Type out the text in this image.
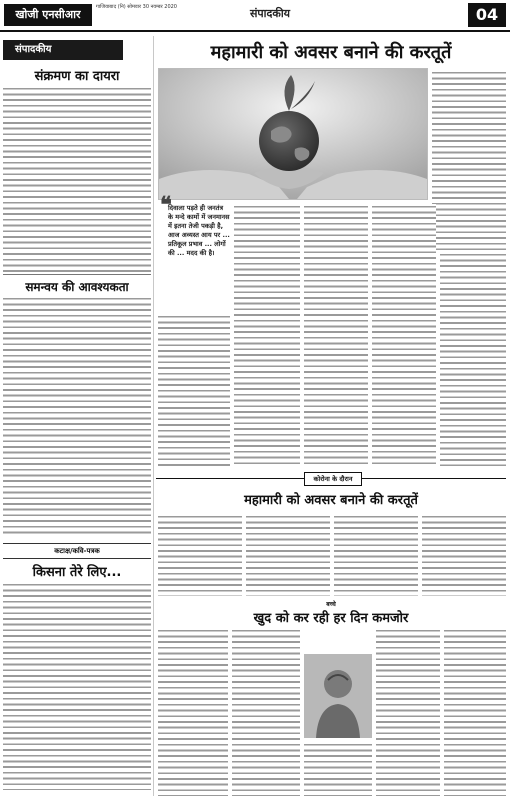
खोजी एनसीआर
गाजियाबाद (नि) सोमवार 30 नवम्बर 2020	संपादकीय	04
संपादकीय
संक्रमण का दायरा
समन्वय की आवश्यकता
कटाक्ष/कवि-पत्रक
किसना तेरे लिए...
महामारी को अवसर बनाने की करतूतें
❝
दिवाला पड़ते ही जनतंत्र के मन्दे कामों में जनमानस में इतना तेजी पकड़ी है, आज अव्यस्त आय पर ... प्रतिकूल प्रभाव ... लोगों की ... मदद की है।
कोरोना के दौरान
महामारी को अवसर बनाने की करतूतें
बच्चे
खुद को कर रही हर दिन कमजोर
